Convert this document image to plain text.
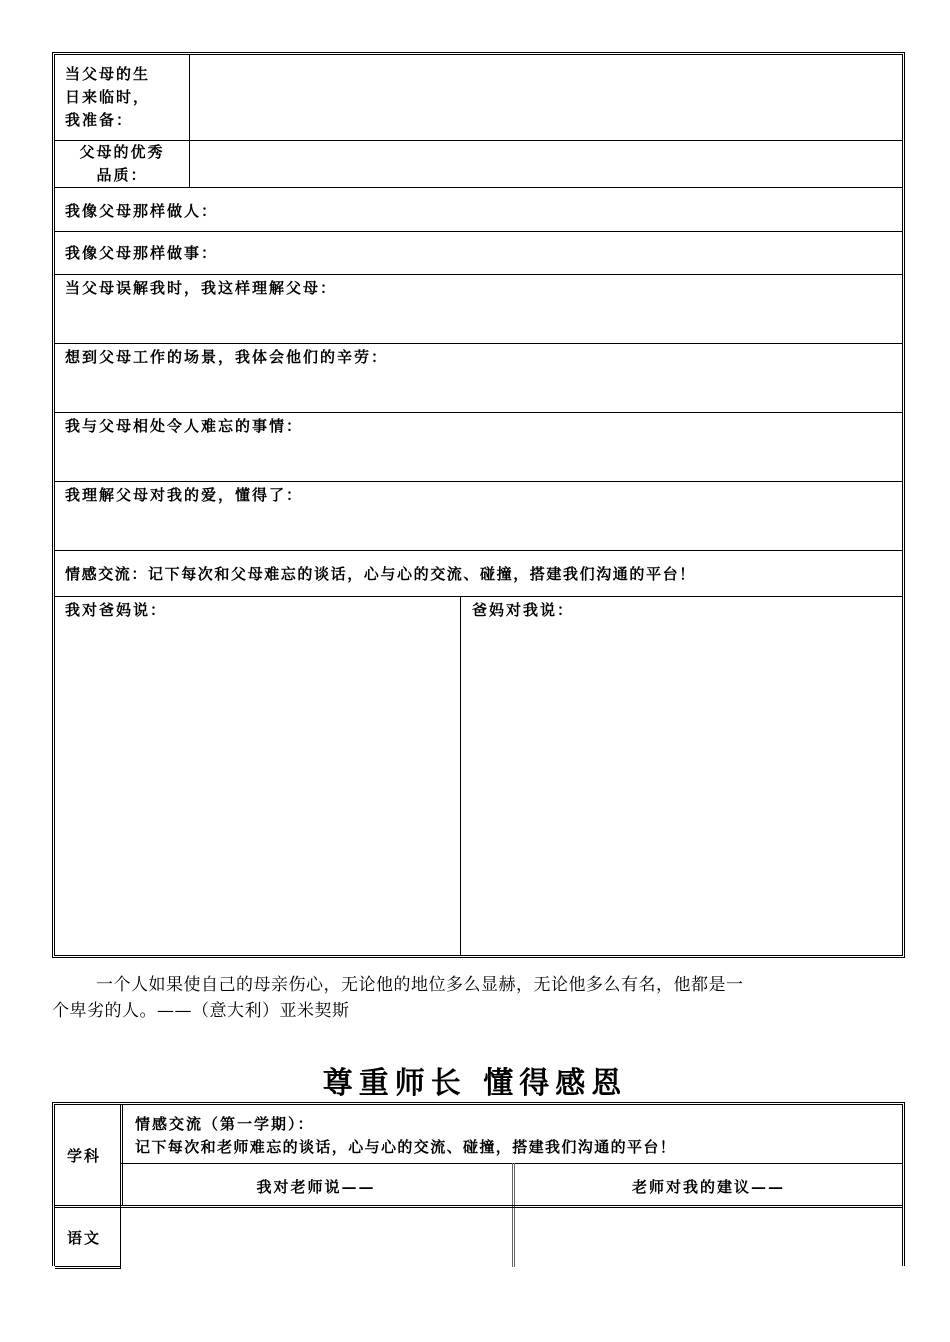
当父母的生
日来临时，
我准备：
父母的优秀
品质：
我像父母那样做人：
我像父母那样做事：
当父母误解我时，我这样理解父母：
想到父母工作的场景，我体会他们的辛劳：
我与父母相处令人难忘的事情：
我理解父母对我的爱，懂得了：
情感交流：记下每次和父母难忘的谈话，心与心的交流、碰撞，搭建我们沟通的平台！
我对爸妈说：	爸妈对我说：
一个人如果使自己的母亲伤心，无论他的地位多么显赫，无论他多么有名，他都是一
个卑劣的人。——（意大利）亚米契斯
尊重师长 懂得感恩
学科
情感交流（第一学期）：
记下每次和老师难忘的谈话，心与心的交流、碰撞，搭建我们沟通的平台！
我对老师说——	老师对我的建议——
语文
